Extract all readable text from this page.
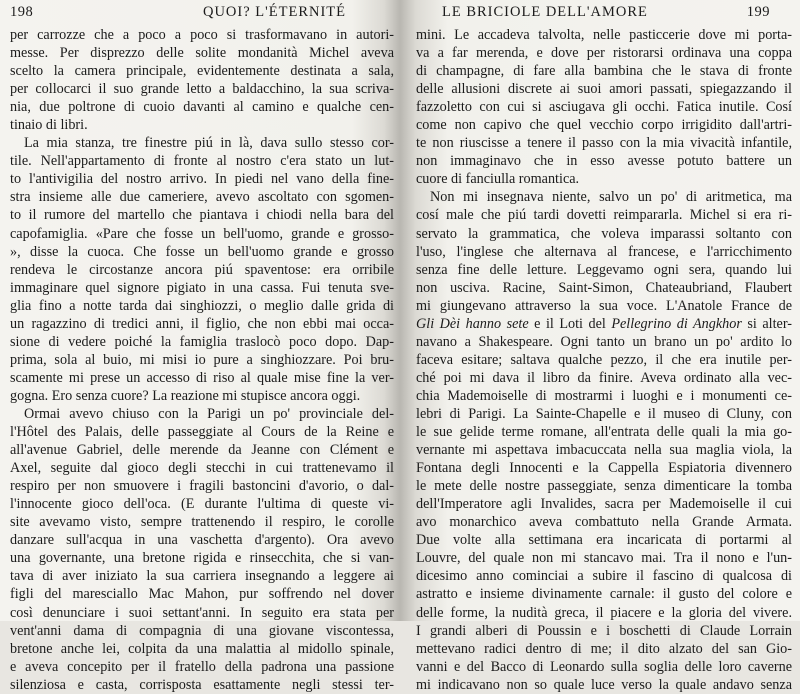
198	QUOI? L'ÉTERNITÉ
per carrozze che a poco a poco si trasformavano in autori-
messe. Per disprezzo delle solite mondanità Michel aveva
scelto la camera principale, evidentemente destinata a sala,
per collocarci il suo grande letto a baldacchino, la sua scriva-
nia, due poltrone di cuoio davanti al camino e qualche cen-
tinaio di libri.
La mia stanza, tre finestre piú in là, dava sullo stesso cor-
tile. Nell'appartamento di fronte al nostro c'era stato un lut-
to l'antivigilia del nostro arrivo. In piedi nel vano della fine-
stra insieme alle due cameriere, avevo ascoltato con sgomen-
to il rumore del martello che piantava i chiodi nella bara del
capofamiglia. «Pare che fosse un bell'uomo, grande e grosso-
», disse la cuoca. Che fosse un bell'uomo grande e grosso
rendeva le circostanze ancora piú spaventose: era orribile
immaginare quel signore pigiato in una cassa. Fui tenuta sve-
glia fino a notte tarda dai singhiozzi, o meglio dalle grida di
un ragazzino di tredici anni, il figlio, che non ebbi mai occa-
sione di vedere poiché la famiglia traslocò poco dopo. Dap-
prima, sola al buio, mi misi io pure a singhiozzare. Poi bru-
scamente mi prese un accesso di riso al quale mise fine la ver-
gogna. Ero senza cuore? La reazione mi stupisce ancora oggi.
Ormai avevo chiuso con la Parigi un po' provinciale del-
l'Hôtel des Palais, delle passeggiate al Cours de la Reine e
all'avenue Gabriel, delle merende da Jeanne con Clément e
Axel, seguite dal gioco degli stecchi in cui trattenevamo il
respiro per non smuovere i fragili bastoncini d'avorio, o dal-
l'innocente gioco dell'oca. (E durante l'ultima di queste vi-
site avevamo visto, sempre trattenendo il respiro, le corolle
danzare sull'acqua in una vaschetta d'argento). Ora avevo
una governante, una bretone rigida e rinsecchita, che si van-
tava di aver iniziato la sua carriera insegnando a leggere ai
figli del maresciallo Mac Mahon, pur soffrendo nel dover
così denunciare i suoi settant'anni. In seguito era stata per
vent'anni dama di compagnia di una giovane viscontessa,
bretone anche lei, colpita da una malattia al midollo spinale,
e aveva concepito per il fratello della padrona una passione
silenziosa e casta, corrisposta esattamente negli stessi ter-
LE BRICIOLE DELL'AMORE	199
mini. Le accadeva talvolta, nelle pasticcerie dove mi porta-
va a far merenda, e dove per ristorarsi ordinava una coppa
di champagne, di fare alla bambina che le stava di fronte
delle allusioni discrete ai suoi amori passati, spiegazzando il
fazzoletto con cui si asciugava gli occhi. Fatica inutile. Cosí
come non capivo che quel vecchio corpo irrigidito dall'artri-
te non riuscisse a tenere il passo con la mia vivacità infantile,
non immaginavo che in esso avesse potuto battere un
cuore di fanciulla romantica.
Non mi insegnava niente, salvo un po' di aritmetica, ma
cosí male che piú tardi dovetti reimpararla. Michel si era ri-
servato la grammatica, che voleva imparassi soltanto con
l'uso, l'inglese che alternava al francese, e l'arricchimento
senza fine delle letture. Leggevamo ogni sera, quando lui
non usciva. Racine, Saint-Simon, Chateaubriand, Flaubert
mi giungevano attraverso la sua voce. L'Anatole France de
Gli Dèi hanno sete e il Loti del Pellegrino di Angkhor si alter-
navano a Shakespeare. Ogni tanto un brano un po' ardito lo
faceva esitare; saltava qualche pezzo, il che era inutile per-
ché poi mi dava il libro da finire. Aveva ordinato alla vec-
chia Mademoiselle di mostrarmi i luoghi e i monumenti ce-
lebri di Parigi. La Sainte-Chapelle e il museo di Cluny, con
le sue gelide terme romane, all'entrata delle quali la mia go-
vernante mi aspettava imbacuccata nella sua maglia viola, la
Fontana degli Innocenti e la Cappella Espiatoria divennero
le mete delle nostre passeggiate, senza dimenticare la tomba
dell'Imperatore agli Invalides, sacra per Mademoiselle il cui
avo monarchico aveva combattuto nella Grande Armata.
Due volte alla settimana era incaricata di portarmi al
Louvre, del quale non mi stancavo mai. Tra il nono e l'un-
dicesimo anno cominciai a subire il fascino di qualcosa di
astratto e insieme divinamente carnale: il gusto del colore e
delle forme, la nudità greca, il piacere e la gloria del vivere.
I grandi alberi di Poussin e i boschetti di Claude Lorrain
mettevano radici dentro di me; il dito alzato del san Gio-
vanni e del Bacco di Leonardo sulla soglia delle loro caverne
mi indicavano non so quale luce verso la quale andavo senza
